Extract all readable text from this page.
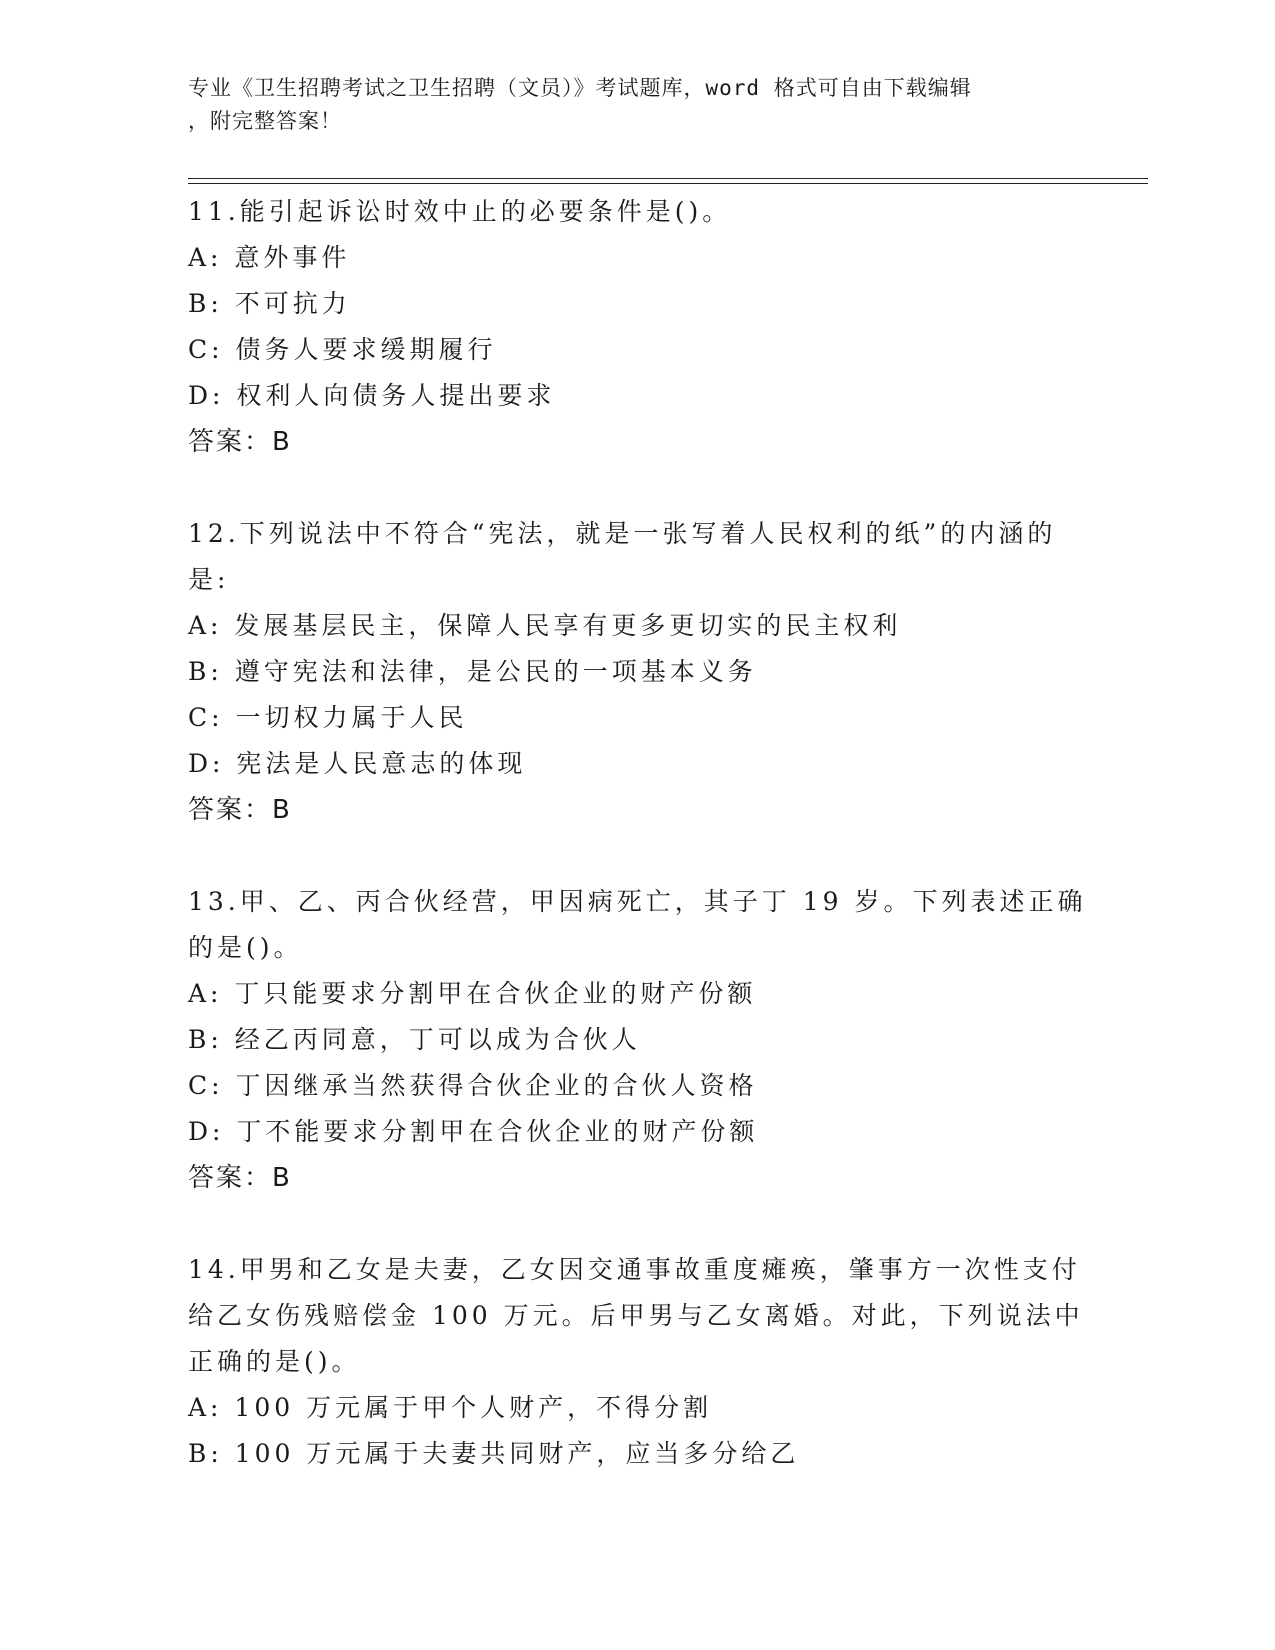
专业《卫生招聘考试之卫生招聘（文员）》考试题库，word 格式可自由下载编辑
，附完整答案！
11.能引起诉讼时效中止的必要条件是()。
A: 意外事件
B: 不可抗力
C: 债务人要求缓期履行
D: 权利人向债务人提出要求
答案：B
12.下列说法中不符合“宪法，就是一张写着人民权利的纸”的内涵的
是:
A: 发展基层民主，保障人民享有更多更切实的民主权利
B: 遵守宪法和法律，是公民的一项基本义务
C: 一切权力属于人民
D: 宪法是人民意志的体现
答案：B
13.甲、乙、丙合伙经营，甲因病死亡，其子丁 19 岁。下列表述正确
的是()。
A: 丁只能要求分割甲在合伙企业的财产份额
B: 经乙丙同意，丁可以成为合伙人
C: 丁因继承当然获得合伙企业的合伙人资格
D: 丁不能要求分割甲在合伙企业的财产份额
答案：B
14.甲男和乙女是夫妻，乙女因交通事故重度瘫痪，肇事方一次性支付
给乙女伤残赔偿金 100 万元。后甲男与乙女离婚。对此，下列说法中
正确的是()。
A: 100 万元属于甲个人财产，不得分割
B: 100 万元属于夫妻共同财产，应当多分给乙
